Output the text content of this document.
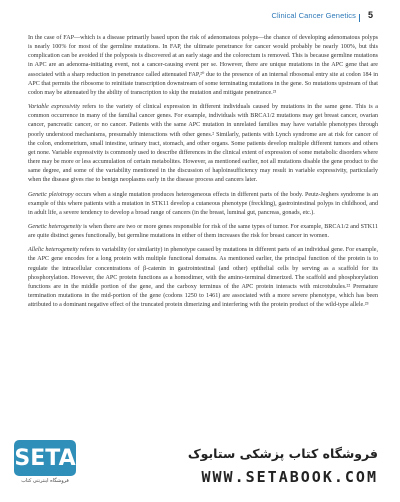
Clinical Cancer Genetics 5

In the case of FAP—which is a disease primarily based upon the risk of adenomatous polyps—the chance of developing adenomatous polyps is nearly 100% for most of the germline mutations. In FAP, the ultimate penetrance for cancer would probably be nearly 100%, but this complication can be avoided if the polyposis is discovered at an early stage and the colorectum is removed. This is because germline mutations in APC are an adenoma-initiating event, not a cancer-causing event per se. However, there are unique mutations in the APC gene that are associated with a sharp reduction in penetrance called attenuated FAP,²⁰ due to the presence of an internal ribosomal entry site at codon 184 in APC that permits the ribosome to reinitiate transcription downstream of some terminating mutations in the gene. So mutations upstream of that codon may be attenuated by the ability of transcription to skip the mutation and mitigate penetrance.²¹

Variable expressivity refers to the variety of clinical expression in different individuals caused by mutations in the same gene. This is a common occurrence in many of the familial cancer genes. For example, individuals with BRCA1/2 mutations may get breast cancer, ovarian cancer, pancreatic cancer, or no cancer. Patients with the same APC mutation in unrelated families may have variable phenotypes through poorly understood mechanisms, presumably interactions with other genes.² Similarly, patients with Lynch syndrome are at risk for cancer of the colon, endometrium, small intestine, urinary tract, stomach, and other organs. Some patients develop multiple different tumors and others get none. Variable expressivity is commonly used to describe differences in the clinical extent of expression of some metabolic disorders where there may be more or less accumulation of certain metabolites. However, as mentioned earlier, not all mutations disable the gene product to the same degree, and some of the variability mentioned in the discussion of haploinsufficiency may result in variable expressivity, particularly when the disease gives rise to benign neoplasms early in the disease process and cancers later.

Genetic pleiotropy occurs when a single mutation produces heterogeneous effects in different parts of the body. Peutz-Jeghers syndrome is an example of this where patients with a mutation in STK11 develop a cutaneous phenotype (freckling), gastrointestinal polyps in childhood, and in adult life, a severe tendency to develop a broad range of cancers (in the breast, luminal gut, pancreas, gonads, etc.).

Genetic heterogeneity is when there are two or more genes responsible for risk of the same types of tumor. For example, BRCA1/2 and STK11 are quite distinct genes functionally, but germline mutations in either of them increases the risk for breast cancer in women.

Allelic heterogeneity refers to variability (or similarity) in phenotype caused by mutations in different parts of an individual gene. For example, the APC gene encodes for a long protein with multiple functional domains. As mentioned earlier, the principal function of the protein is to regulate the intracellular concentrations of β-catenin in gastrointestinal (and other) epithelial cells by serving as a scaffold for its phosphorylation. However, the APC protein functions as a homodimer, with the amino-terminal dimerized. The scaffold and phosphorylation functions are in the middle portion of the gene, and the carboxy terminus of the APC protein interacts with microtubules.²² Premature termination mutations in the mid-portion of the gene (codons 1250 to 1461) are associated with a more severe phenotype, which has been attributed to a dominant negative effect of the truncated protein dimerizing and interfering with the protein product of the wild-type allele.²³

SETA
فروشگاه اینترنتی کتاب
فروشگاه کتاب پزشکی ستابوک
WWW.SETABOOK.COM
